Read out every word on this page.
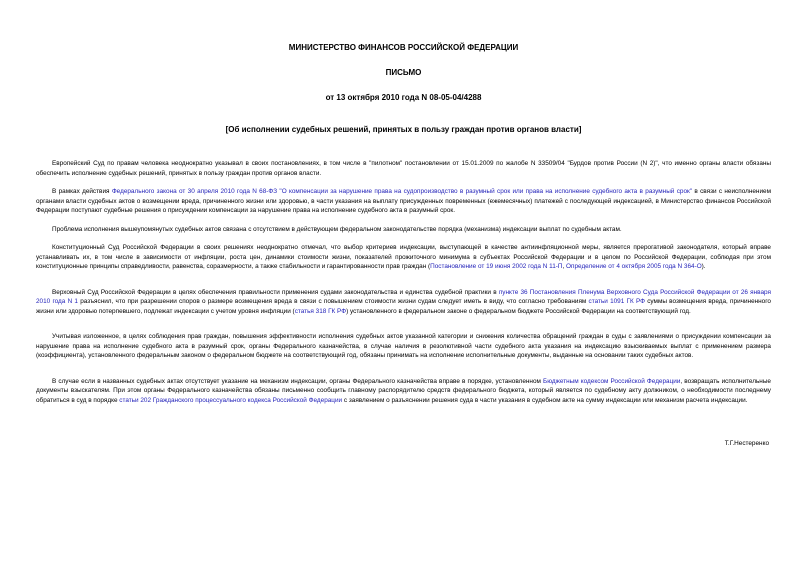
МИНИСТЕРСТВО ФИНАНСОВ РОССИЙСКОЙ ФЕДЕРАЦИИ

ПИСЬМО

от 13 октября 2010 года N 08-05-04/4288

[Об исполнении судебных решений, принятых в пользу граждан против органов власти]

Европейский Суд по правам человека неоднократно указывал в своих постановлениях, в том числе в "пилотном" постановлении от 15.01.2009 по жалобе N 33509/04 "Бурдов против России (N 2)", что именно органы власти обязаны обеспечить исполнение судебных решений, принятых в пользу граждан против органов власти.

В рамках действия Федерального закона от 30 апреля 2010 года N 68-ФЗ "О компенсации за нарушение права на судопроизводство в разумный срок или права на исполнение судебного акта в разумный срок" в связи с неисполнением органами власти судебных актов о возмещении вреда, причиненного жизни или здоровью, в части указания на выплату присужденных повременных (ежемесячных) платежей с последующей индексацией, в Министерство финансов Российской Федерации поступают судебные решения о присуждении компенсации за нарушение права на исполнение судебного акта в разумный срок.

Проблема исполнения вышеупомянутых судебных актов связана с отсутствием в действующем федеральном законодательстве порядка (механизма) индексации выплат по судебным актам.

Конституционный Суд Российской Федерации в своих решениях неоднократно отмечал, что выбор критериев индексации, выступающей в качестве антиинфляционной меры, является прерогативой законодателя, который вправе устанавливать их, в том числе в зависимости от инфляции, роста цен, динамики стоимости жизни, показателей прожиточного минимума в субъектах Российской Федерации и в целом по Российской Федерации, соблюдая при этом конституционные принципы справедливости, равенства, соразмерности, а также стабильности и гарантированности прав граждан (Постановление от 19 июня 2002 года N 11-П, Определение от 4 октября 2005 года N 364-О).

Верховный Суд Российской Федерации в целях обеспечения правильности применения судами законодательства и единства судебной практики в пункте 36 Постановления Пленума Верховного Суда Российской Федерации от 26 января 2010 года N 1 разъяснил, что при разрешении споров о размере возмещения вреда в связи с повышением стоимости жизни судам следует иметь в виду, что согласно требованиям статьи 1091 ГК РФ суммы возмещения вреда, причиненного жизни или здоровью потерпевшего, подлежат индексации с учетом уровня инфляции (статья 318 ГК РФ) установленного в федеральном законе о федеральном бюджете Российской Федерации на соответствующий год.

Учитывая изложенное, в целях соблюдения прав граждан, повышения эффективности исполнения судебных актов указанной категории и снижения количества обращений граждан в суды с заявлениями о присуждении компенсации за нарушение права на исполнение судебного акта в разумный срок, органы Федерального казначейства, в случае наличия в резолютивной части судебного акта указания на индексацию взыскиваемых выплат с применением размера (коэффициента), установленного федеральным законом о федеральном бюджете на соответствующий год, обязаны принимать на исполнение исполнительные документы, выданные на основании таких судебных актов.

В случае если в названных судебных актах отсутствует указание на механизм индексации, органы Федерального казначейства вправе в порядке, установленном Бюджетным кодексом Российской Федерации, возвращать исполнительные документы взыскателям. При этом органы Федерального казначейства обязаны письменно сообщить главному распорядителю средств федерального бюджета, который является по судебному акту должником, о необходимости последнему обратиться в суд в порядке статьи 202 Гражданского процессуального кодекса Российской Федерации с заявлением о разъяснении решения суда в части указания в судебном акте на сумму индексации или механизм расчета индексации.

Т.Г.Нестеренко
